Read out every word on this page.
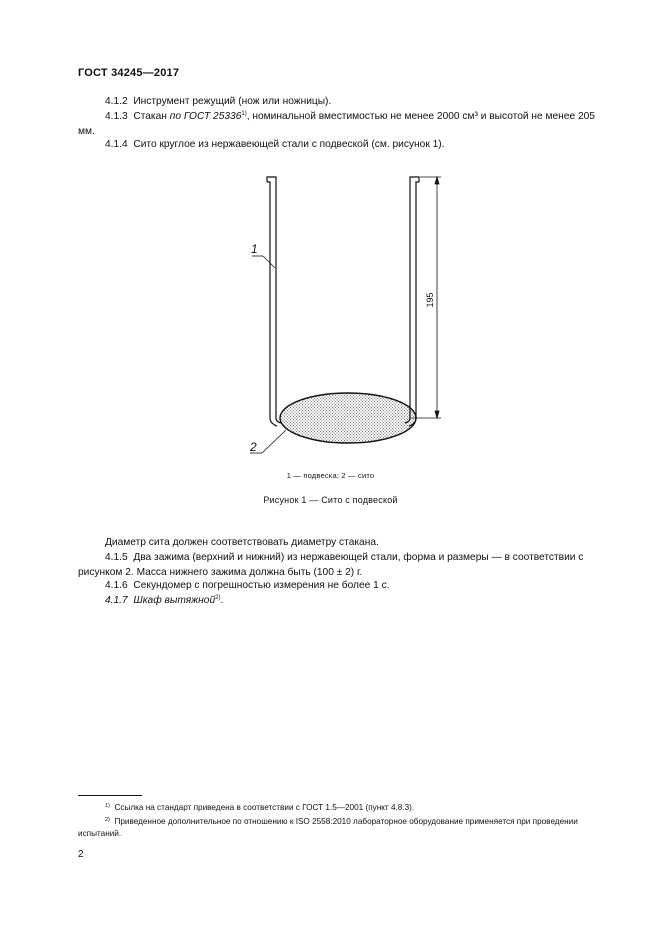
ГОСТ 34245—2017
4.1.2 Инструмент режущий (нож или ножницы).
4.1.3 Стакан по ГОСТ 25336$^{1)}$, номинальной вместимостью не менее 2000 см³ и высотой не менее 205 мм.
4.1.4 Сито круглое из нержавеющей стали с подвеской (см. рисунок 1).
195
1
2
1 — подвеска; 2 — сито
Рисунок 1 — Сито с подвеской
Диаметр сита должен соответствовать диаметру стакана.
4.1.5 Два зажима (верхний и нижний) из нержавеющей стали, форма и размеры — в соответствии с рисунком 2. Масса нижнего зажима должна быть (100 ± 2) г.
4.1.6 Секундомер с погрешностью измерения не более 1 с.
4.1.7 Шкаф вытяжной$^{2)}$.
$^{1)}$ Ссылка на стандарт приведена в соответствии с ГОСТ 1.5—2001 (пункт 4.8.3).
$^{2)}$ Приведенное дополнительное по отношению к ISO 2558:2010 лабораторное оборудование применяется при проведении испытаний.
2
